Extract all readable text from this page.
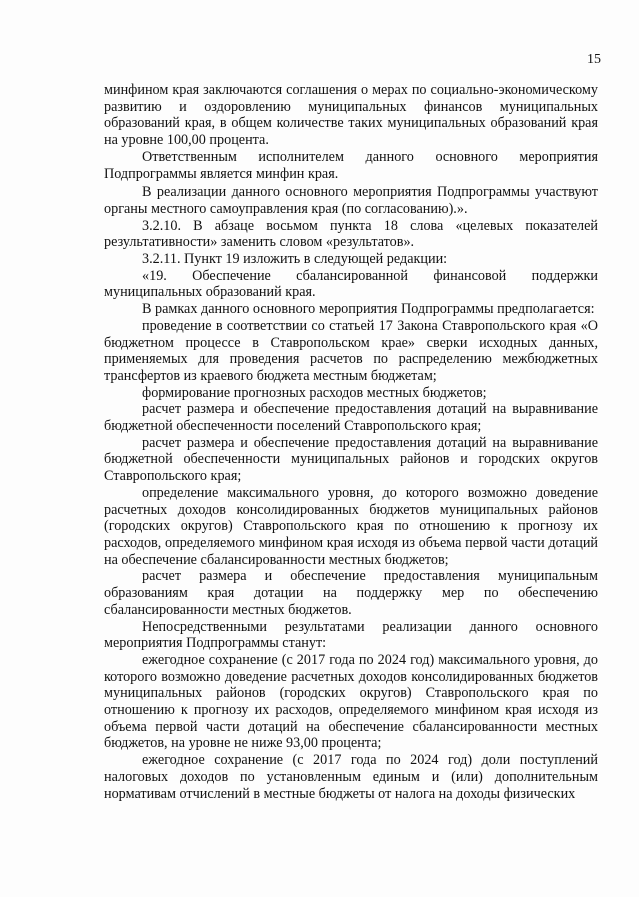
15

минфином края заключаются соглашения о мерах по социально-экономическому развитию и оздоровлению муниципальных финансов муниципальных образований края, в общем количестве таких муниципальных образований края на уровне 100,00 процента.

Ответственным исполнителем данного основного мероприятия Подпрограммы является минфин края.

В реализации данного основного мероприятия Подпрограммы участвуют органы местного самоуправления края (по согласованию).».

3.2.10. В абзаце восьмом пункта 18 слова «целевых показателей результативности» заменить словом «результатов».

3.2.11. Пункт 19 изложить в следующей редакции:

«19. Обеспечение сбалансированной финансовой поддержки муниципальных образований края.

В рамках данного основного мероприятия Подпрограммы предполагается:

проведение в соответствии со статьей 17 Закона Ставропольского края «О бюджетном процессе в Ставропольском крае» сверки исходных данных, применяемых для проведения расчетов по распределению межбюджетных трансфертов из краевого бюджета местным бюджетам;

формирование прогнозных расходов местных бюджетов;

расчет размера и обеспечение предоставления дотаций на выравнивание бюджетной обеспеченности поселений Ставропольского края;

расчет размера и обеспечение предоставления дотаций на выравнивание бюджетной обеспеченности муниципальных районов и городских округов Ставропольского края;

определение максимального уровня, до которого возможно доведение расчетных доходов консолидированных бюджетов муниципальных районов (городских округов) Ставропольского края по отношению к прогнозу их расходов, определяемого минфином края исходя из объема первой части дотаций на обеспечение сбалансированности местных бюджетов;

расчет размера и обеспечение предоставления муниципальным образованиям края дотации на поддержку мер по обеспечению сбалансированности местных бюджетов.

Непосредственными результатами реализации данного основного мероприятия Подпрограммы станут:

ежегодное сохранение (с 2017 года по 2024 год) максимального уровня, до которого возможно доведение расчетных доходов консолидированных бюджетов муниципальных районов (городских округов) Ставропольского края по отношению к прогнозу их расходов, определяемого минфином края исходя из объема первой части дотаций на обеспечение сбалансированности местных бюджетов, на уровне не ниже 93,00 процента;

ежегодное сохранение (с 2017 года по 2024 год) доли поступлений налоговых доходов по установленным единым и (или) дополнительным нормативам отчислений в местные бюджеты от налога на доходы физических
